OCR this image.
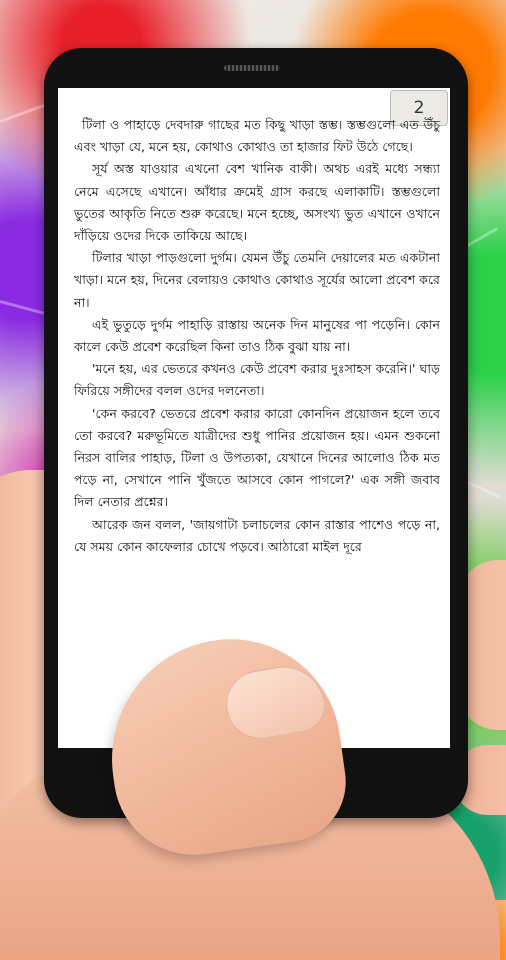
2

টিলা ও পাহাড়ে দেবদারু গাছের মত কিছু খাড়া স্তম্ভ। স্তম্ভগুলো এত উঁচু এবং খাড়া যে, মনে হয়, কোথাও কোথাও তা হাজার ফিট উঠে গেছে।

সূর্য অস্ত যাওয়ার এখনো বেশ খানিক বাকী। অথচ এরই মধ্যে সন্ধ্যা নেমে এসেছে এখানে। আঁধার ক্রমেই গ্রাস করছে এলাকাটি। স্তম্ভগুলো ভুতের আকৃতি নিতে শুরু করেছে। মনে হচ্ছে, অসংখ্য ভুত এখানে ওখানে দাঁড়িয়ে ওদের দিকে তাকিয়ে আছে।

টিলার খাড়া পাড়গুলো দুর্গম। যেমন উঁচু তেমনি দেয়ালের মত একটানা খাড়া। মনে হয়, দিনের বেলায়ও কোথাও কোথাও সূর্যের আলো প্রবেশ করে না।

এই ভুতুড়ে দুর্গম পাহাড়ি রাস্তায় অনেক দিন মানুষের পা পড়েনি। কোন কালে কেউ প্রবেশ করেছিল কিনা তাও ঠিক বুঝা যায় না।

'মনে হয়, এর ভেতরে কখনও কেউ প্রবেশ করার দুঃসাহস করেনি।' ঘাড় ফিরিয়ে সঙ্গীদের বলল ওদের দলনেতা।

'কেন করবে? ভেতরে প্রবেশ করার কারো কোনদিন প্রয়োজন হলে তবে তো করবে? মরুভূমিতে যাত্রীদের শুধু পানির প্রয়োজন হয়। এমন শুকনো নিরস বালির পাহাড়, টিলা ও উপত্যকা, যেখানে দিনের আলোও ঠিক মত পড়ে না, সেখানে পানি খুঁজতে আসবে কোন পাগলে?' এক সঙ্গী জবাব দিল নেতার প্রশ্নের।

আরেক জন বলল, 'জায়গাটা চলাচলের কোন রাস্তার পাশেও পড়ে না, যে সময় কোন কাফেলার চোখে পড়বে। আঠারো মাইল দূরে
